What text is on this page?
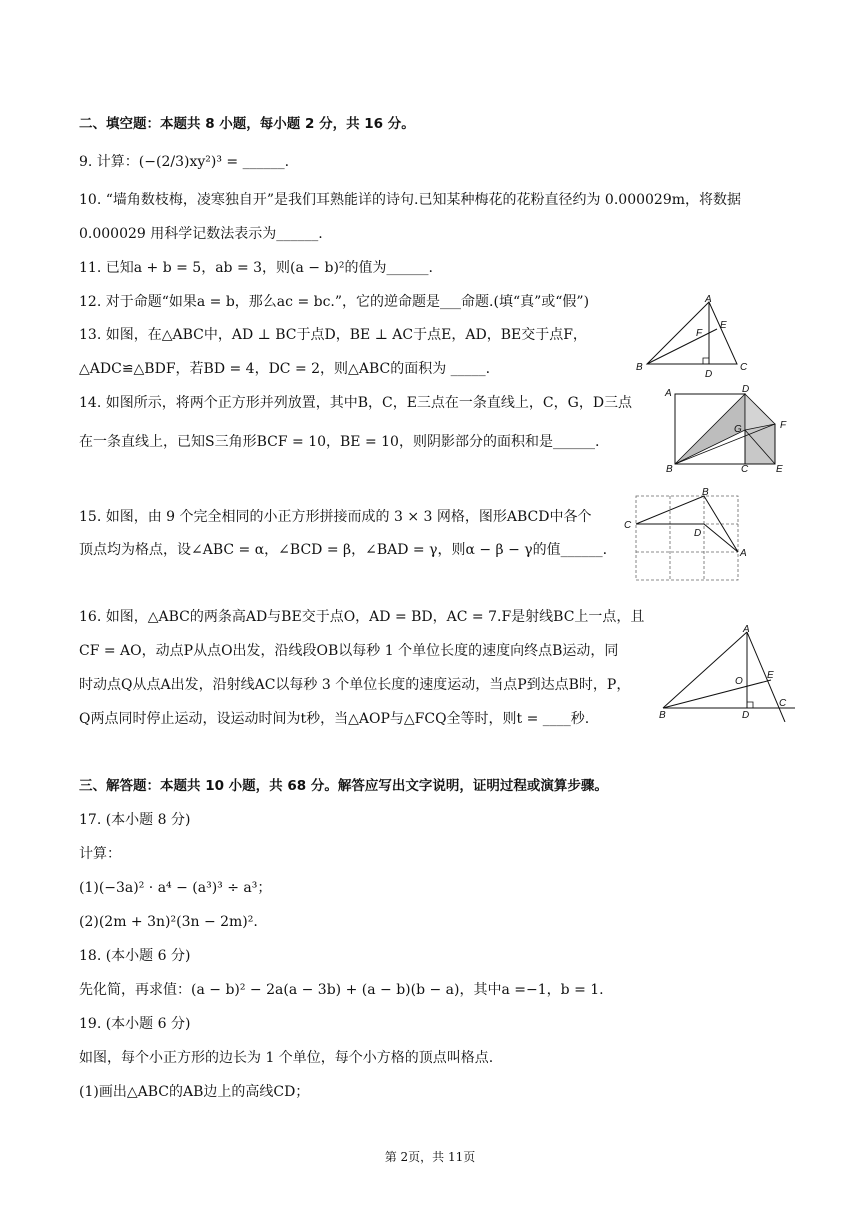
二、填空题：本题共 8 小题，每小题 2 分，共 16 分。
9. 计算：(−(2/3)xy²)³ = ______.
10. “墙角数枝梅，凌寒独自开”是我们耳熟能详的诗句.已知某种梅花的花粉直径约为 0.000029m，将数据
0.000029 用科学记数法表示为______.
11. 已知a + b = 5，ab = 3，则(a − b)²的值为______.
12. 对于命题“如果a = b，那么ac = bc.”，它的逆命题是___命题.(填“真”或“假”)
13. 如图，在△ABC中，AD ⊥ BC于点D，BE ⊥ AC于点E，AD，BE交于点F，
△ADC≌△BDF，若BD = 4，DC = 2，则△ABC的面积为 _____.
14. 如图所示，将两个正方形并列放置，其中B，C，E三点在一条直线上，C，G，D三点
在一条直线上，已知S三角形BCF = 10，BE = 10，则阴影部分的面积和是______.
15. 如图，由 9 个完全相同的小正方形拼接而成的 3 × 3 网格，图形ABCD中各个
顶点均为格点，设∠ABC = α，∠BCD = β，∠BAD = γ，则α − β − γ的值______.
16. 如图，△ABC的两条高AD与BE交于点O，AD = BD，AC = 7.F是射线BC上一点，且
CF = AO，动点P从点O出发，沿线段OB以每秒 1 个单位长度的速度向终点B运动，同
时动点Q从点A出发，沿射线AC以每秒 3 个单位长度的速度运动，当点P到达点B时，P，
Q两点同时停止运动，设运动时间为t秒，当△AOP与△FCQ全等时，则t = ____秒.
三、解答题：本题共 10 小题，共 68 分。解答应写出文字说明，证明过程或演算步骤。
17. (本小题 8 分)
计算：
(1)(−3a)² · a⁴ − (a³)³ ÷ a³；
(2)(2m + 3n)²(3n − 2m)².
18. (本小题 6 分)
先化简，再求值：(a − b)² − 2a(a − 3b) + (a − b)(b − a)，其中a =−1，b = 1.
19. (本小题 6 分)
如图，每个小正方形的边长为 1 个单位，每个小方格的顶点叫格点.
(1)画出△ABC的AB边上的高线CD；
A
B	C
D
E
F
A	D
G	F
B	C	E
B
C
D
A
A
O
E
B	D
C
第 2页，共 11页
